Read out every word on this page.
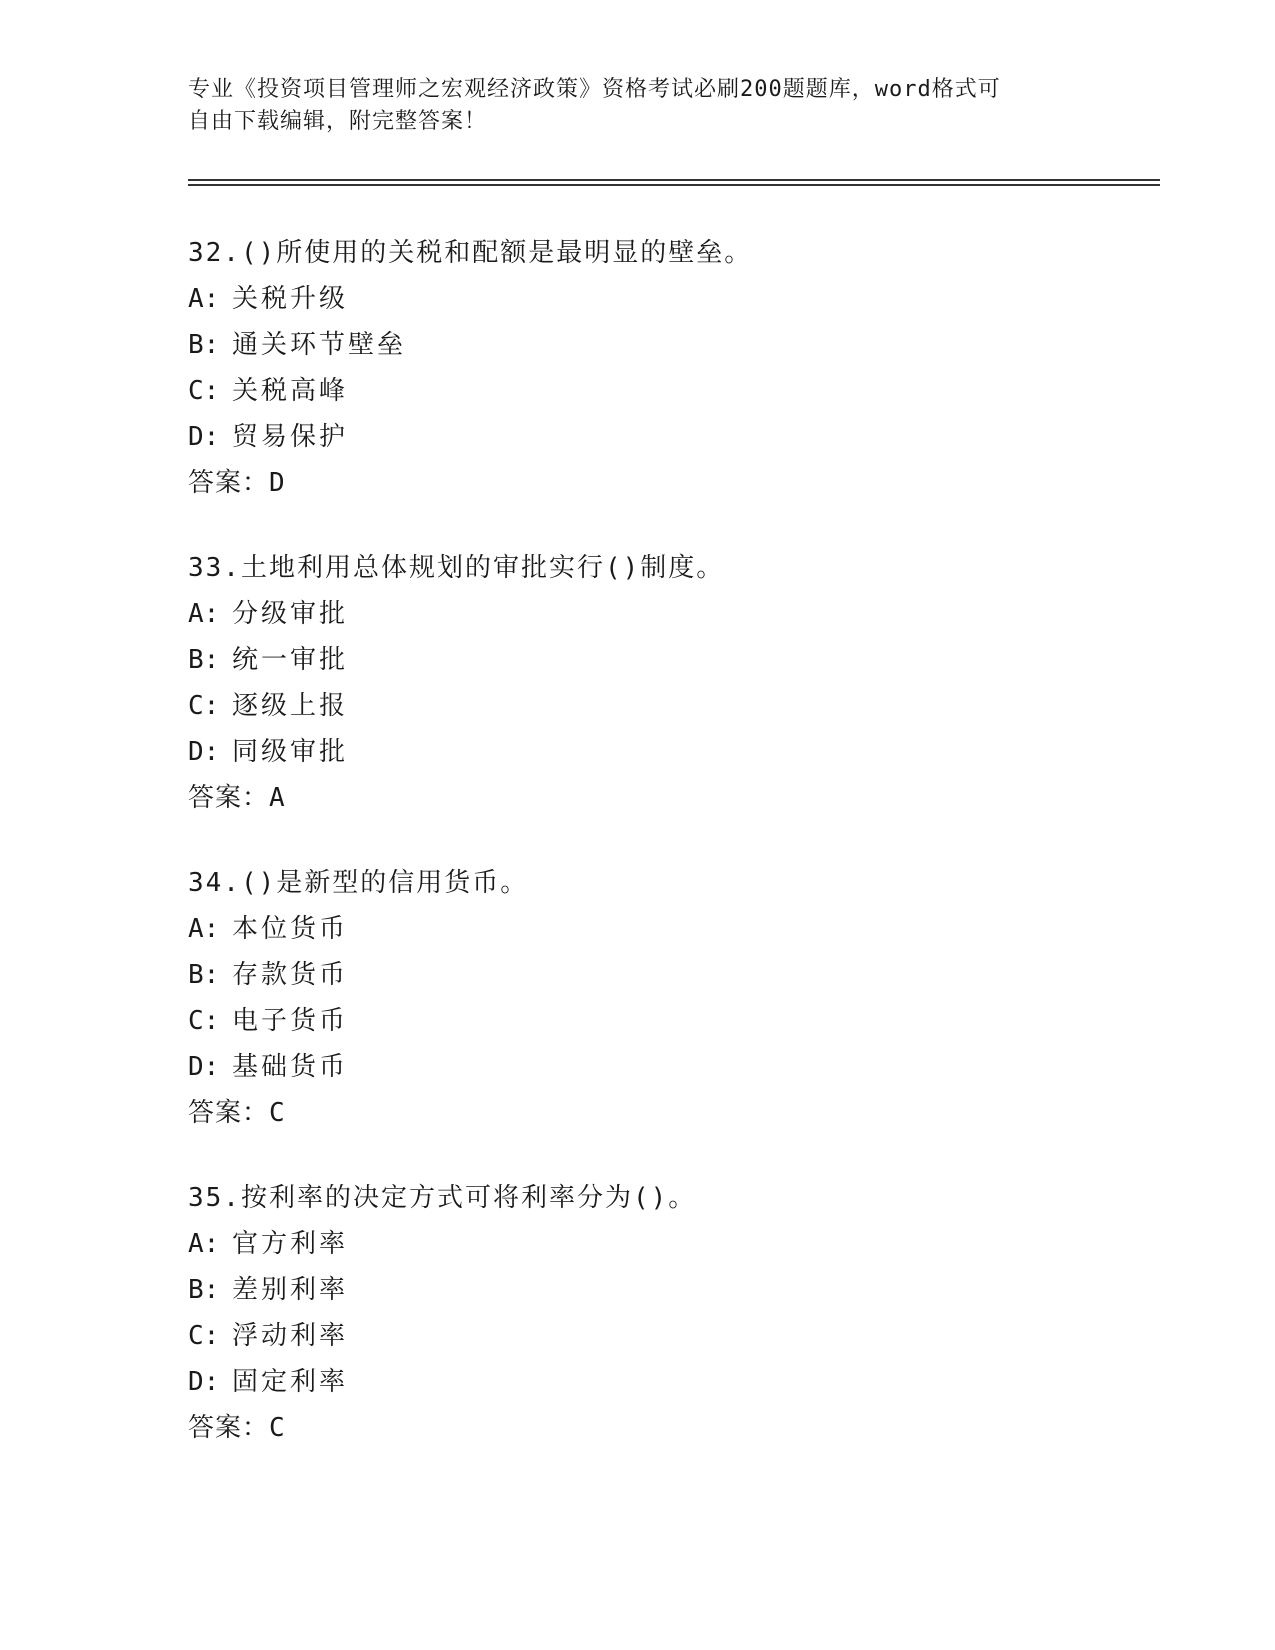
专业《投资项目管理师之宏观经济政策》资格考试必刷200题题库，word格式可
自由下载编辑，附完整答案！
32.()所使用的关税和配额是最明显的壁垒。
A: 关税升级
B: 通关环节壁垒
C: 关税高峰
D: 贸易保护
答案：D
33.土地利用总体规划的审批实行()制度。
A: 分级审批
B: 统一审批
C: 逐级上报
D: 同级审批
答案：A
34.()是新型的信用货币。
A: 本位货币
B: 存款货币
C: 电子货币
D: 基础货币
答案：C
35.按利率的决定方式可将利率分为()。
A: 官方利率
B: 差别利率
C: 浮动利率
D: 固定利率
答案：C
